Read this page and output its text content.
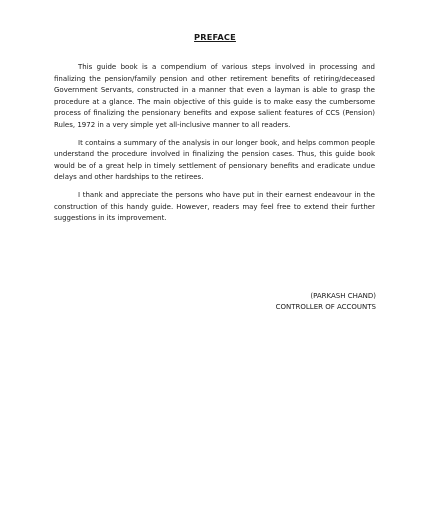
PREFACE

This guide book is a compendium of various steps involved in processing and finalizing the pension/family pension and other retirement benefits of retiring/deceased Government Servants, constructed in a manner that even a layman is able to grasp the procedure at a glance. The main objective of this guide is to make easy the cumbersome process of finalizing the pensionary benefits and expose salient features of CCS (Pension) Rules, 1972 in a very simple yet all-inclusive manner to all readers.

It contains a summary of the analysis in our longer book, and helps common people understand the procedure involved in finalizing the pension cases. Thus, this guide book would be of a great help in timely settlement of pensionary benefits and eradicate undue delays and other hardships to the retirees.

I thank and appreciate the persons who have put in their earnest endeavour in the construction of this handy guide. However, readers may feel free to extend their further suggestions in its improvement.

(PARKASH CHAND)
CONTROLLER OF ACCOUNTS
